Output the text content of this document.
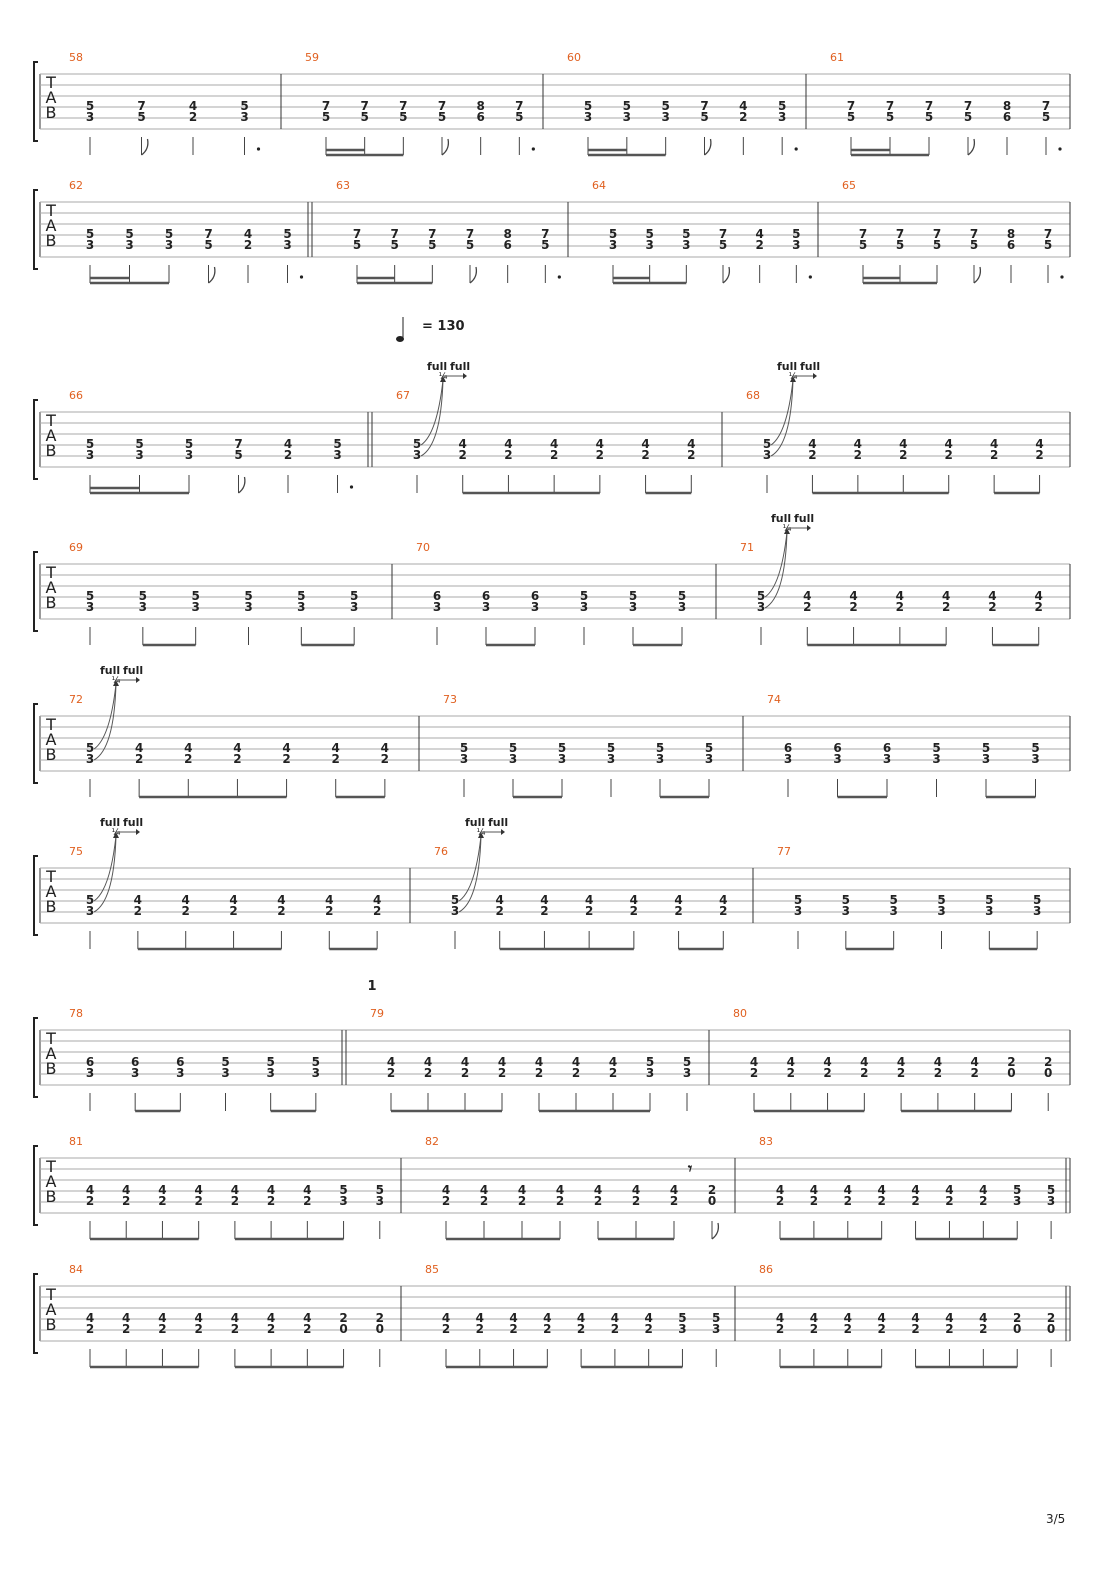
T
A
B
58
5
3
7
5
4
2
5
3
59
7
5
7
5
7
5
7
5
8
6
7
5
60
5
3
5
3
5
3
7
5
4
2
5
3
61
7
5
7
5
7
5
7
5
8
6
7
5
T
A
B
62
5
3
5
3
5
3
7
5
4
2
5
3
63
7
5
7
5
7
5
7
5
8
6
7
5
64
5
3
5
3
5
3
7
5
4
2
5
3
65
7
5
7
5
7
5
7
5
8
6
7
5
T
A
B
66
5
3
5
3
5
3
7
5
4
2
5
3
67
5
3
4
2
4
2
4
2
4
2
4
2
4
2
full full
¼
68
5
3
4
2
4
2
4
2
4
2
4
2
4
2
full full
¼
T
A
B
69
5
3
5
3
5
3
5
3
5
3
5
3
70
6
3
6
3
6
3
5
3
5
3
5
3
71
5
3
4
2
4
2
4
2
4
2
4
2
4
2
full full
¼
T
A
B
72
5
3
4
2
4
2
4
2
4
2
4
2
4
2
full full
¼
73
5
3
5
3
5
3
5
3
5
3
5
3
74
6
3
6
3
6
3
5
3
5
3
5
3
T
A
B
75
5
3
4
2
4
2
4
2
4
2
4
2
4
2
full full
¼
76
5
3
4
2
4
2
4
2
4
2
4
2
4
2
full full
¼
77
5
3
5
3
5
3
5
3
5
3
5
3
T
A
B
78
6
3
6
3
6
3
5
3
5
3
5
3
79
4
2
4
2
4
2
4
2
4
2
4
2
4
2
5
3
5
3
80
4
2
4
2
4
2
4
2
4
2
4
2
4
2
2
0
2
0
T
A
B
81
4
2
4
2
4
2
4
2
4
2
4
2
4
2
5
3
5
3
82
4
2
4
2
4
2
4
2
4
2
4
2
4
2
2
0
𝄾
83
4
2
4
2
4
2
4
2
4
2
4
2
4
2
5
3
5
3
T
A
B
84
4
2
4
2
4
2
4
2
4
2
4
2
4
2
2
0
2
0
85
4
2
4
2
4
2
4
2
4
2
4
2
4
2
5
3
5
3
86
4
2
4
2
4
2
4
2
4
2
4
2
4
2
2
0
2
0
= 130
1
3/5
